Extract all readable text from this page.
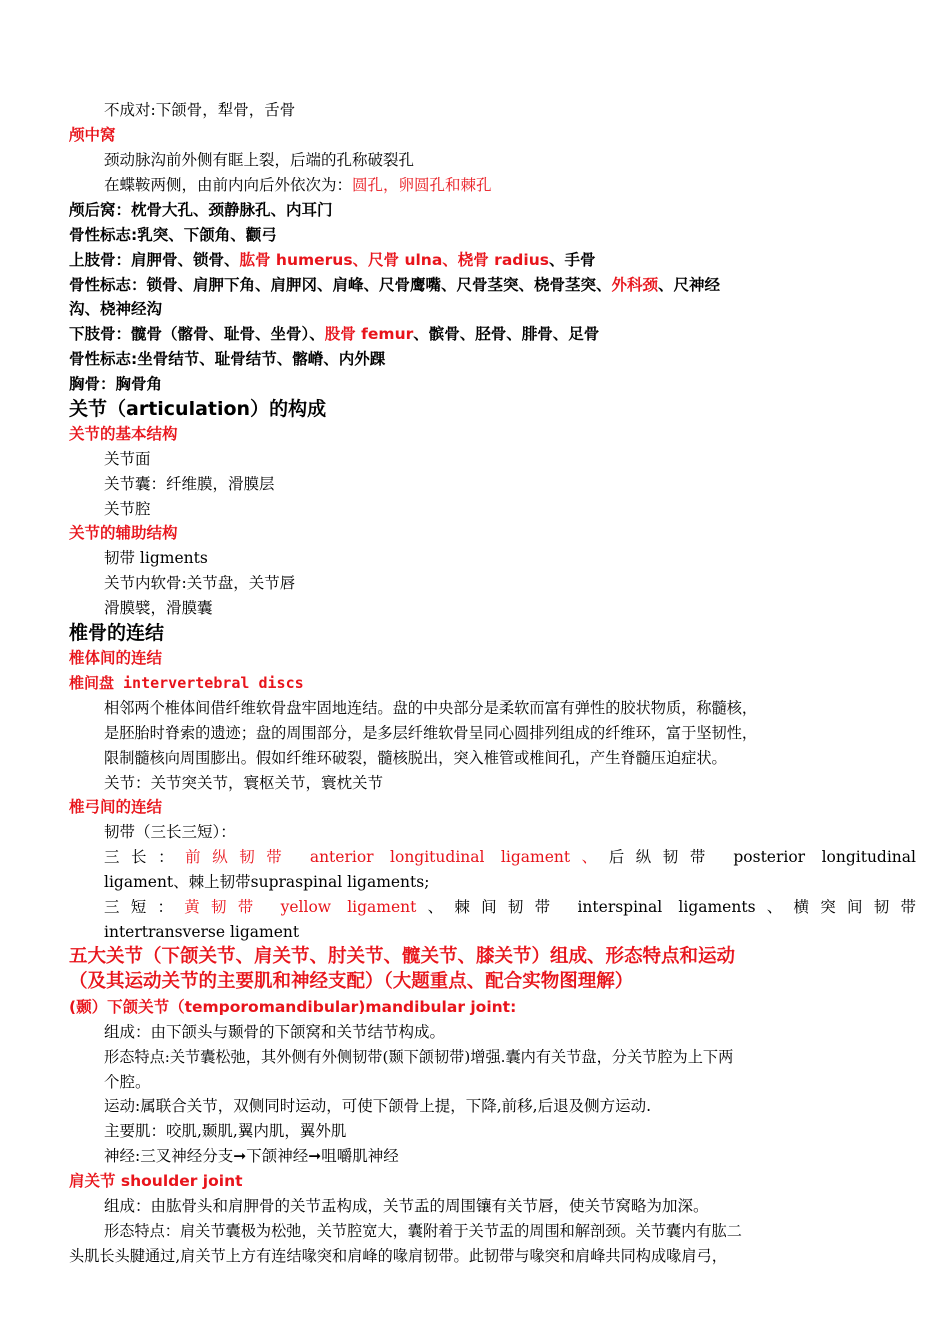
不成对:下颌骨，犁骨，舌骨
颅中窝
颈动脉沟前外侧有眶上裂，后端的孔称破裂孔
在蝶鞍两侧，由前内向后外依次为：圆孔，卵圆孔和棘孔
颅后窝：枕骨大孔、颈静脉孔、内耳门
骨性标志:乳突、下颌角、颧弓
上肢骨：肩胛骨、锁骨、肱骨 humerus、尺骨 ulna、桡骨 radius、手骨
骨性标志：锁骨、肩胛下角、肩胛冈、肩峰、尺骨鹰嘴、尺骨茎突、桡骨茎突、外科颈、尺神经
沟、桡神经沟
下肢骨：髋骨（髂骨、耻骨、坐骨）、股骨 femur、髌骨、胫骨、腓骨、足骨
骨性标志:坐骨结节、耻骨结节、髂嵴、内外踝
胸骨：胸骨角
关节（articulation）的构成
关节的基本结构
关节面
关节囊：纤维膜，滑膜层
关节腔
关节的辅助结构
韧带 ligments
关节内软骨:关节盘，关节唇
滑膜襞，滑膜囊
椎骨的连结
椎体间的连结
椎间盘 intervertebral discs
相邻两个椎体间借纤维软骨盘牢固地连结。盘的中央部分是柔软而富有弹性的胶状物质，称髓核，
是胚胎时脊索的遗迹；盘的周围部分，是多层纤维软骨呈同心圆排列组成的纤维环，富于坚韧性，
限制髓核向周围膨出。假如纤维环破裂，髓核脱出，突入椎管或椎间孔，产生脊髓压迫症状。
关节：关节突关节，寰枢关节，寰枕关节
椎弓间的连结
韧带（三长三短）：
三长：前纵韧带 anterior longitudinal ligament、后纵韧带 posterior longitudinal
ligament、棘上韧带supraspinal ligaments;
三短：黄韧带 yellow ligament、棘间韧带 interspinal ligaments、横突间韧带
intertransverse ligament
五大关节（下颌关节、肩关节、肘关节、髋关节、膝关节）组成、形态特点和运动
（及其运动关节的主要肌和神经支配）（大题重点、配合实物图理解）
(颞）下颌关节（temporomandibular)mandibular joint:
组成：由下颌头与颞骨的下颌窝和关节结节构成。
形态特点:关节囊松弛，其外侧有外侧韧带(颞下颌韧带)增强.囊内有关节盘，分关节腔为上下两
个腔。
运动:属联合关节，双侧同时运动，可使下颌骨上提，下降,前移,后退及侧方运动.
主要肌：咬肌,颞肌,翼内肌，翼外肌
神经:三叉神经分支➞下颌神经➞咀嚼肌神经
肩关节 shoulder joint
组成：由肱骨头和肩胛骨的关节盂构成，关节盂的周围镶有关节唇，使关节窝略为加深。
形态特点：肩关节囊极为松弛，关节腔宽大，囊附着于关节盂的周围和解剖颈。关节囊内有肱二
头肌长头腱通过,肩关节上方有连结喙突和肩峰的喙肩韧带。此韧带与喙突和肩峰共同构成喙肩弓，
